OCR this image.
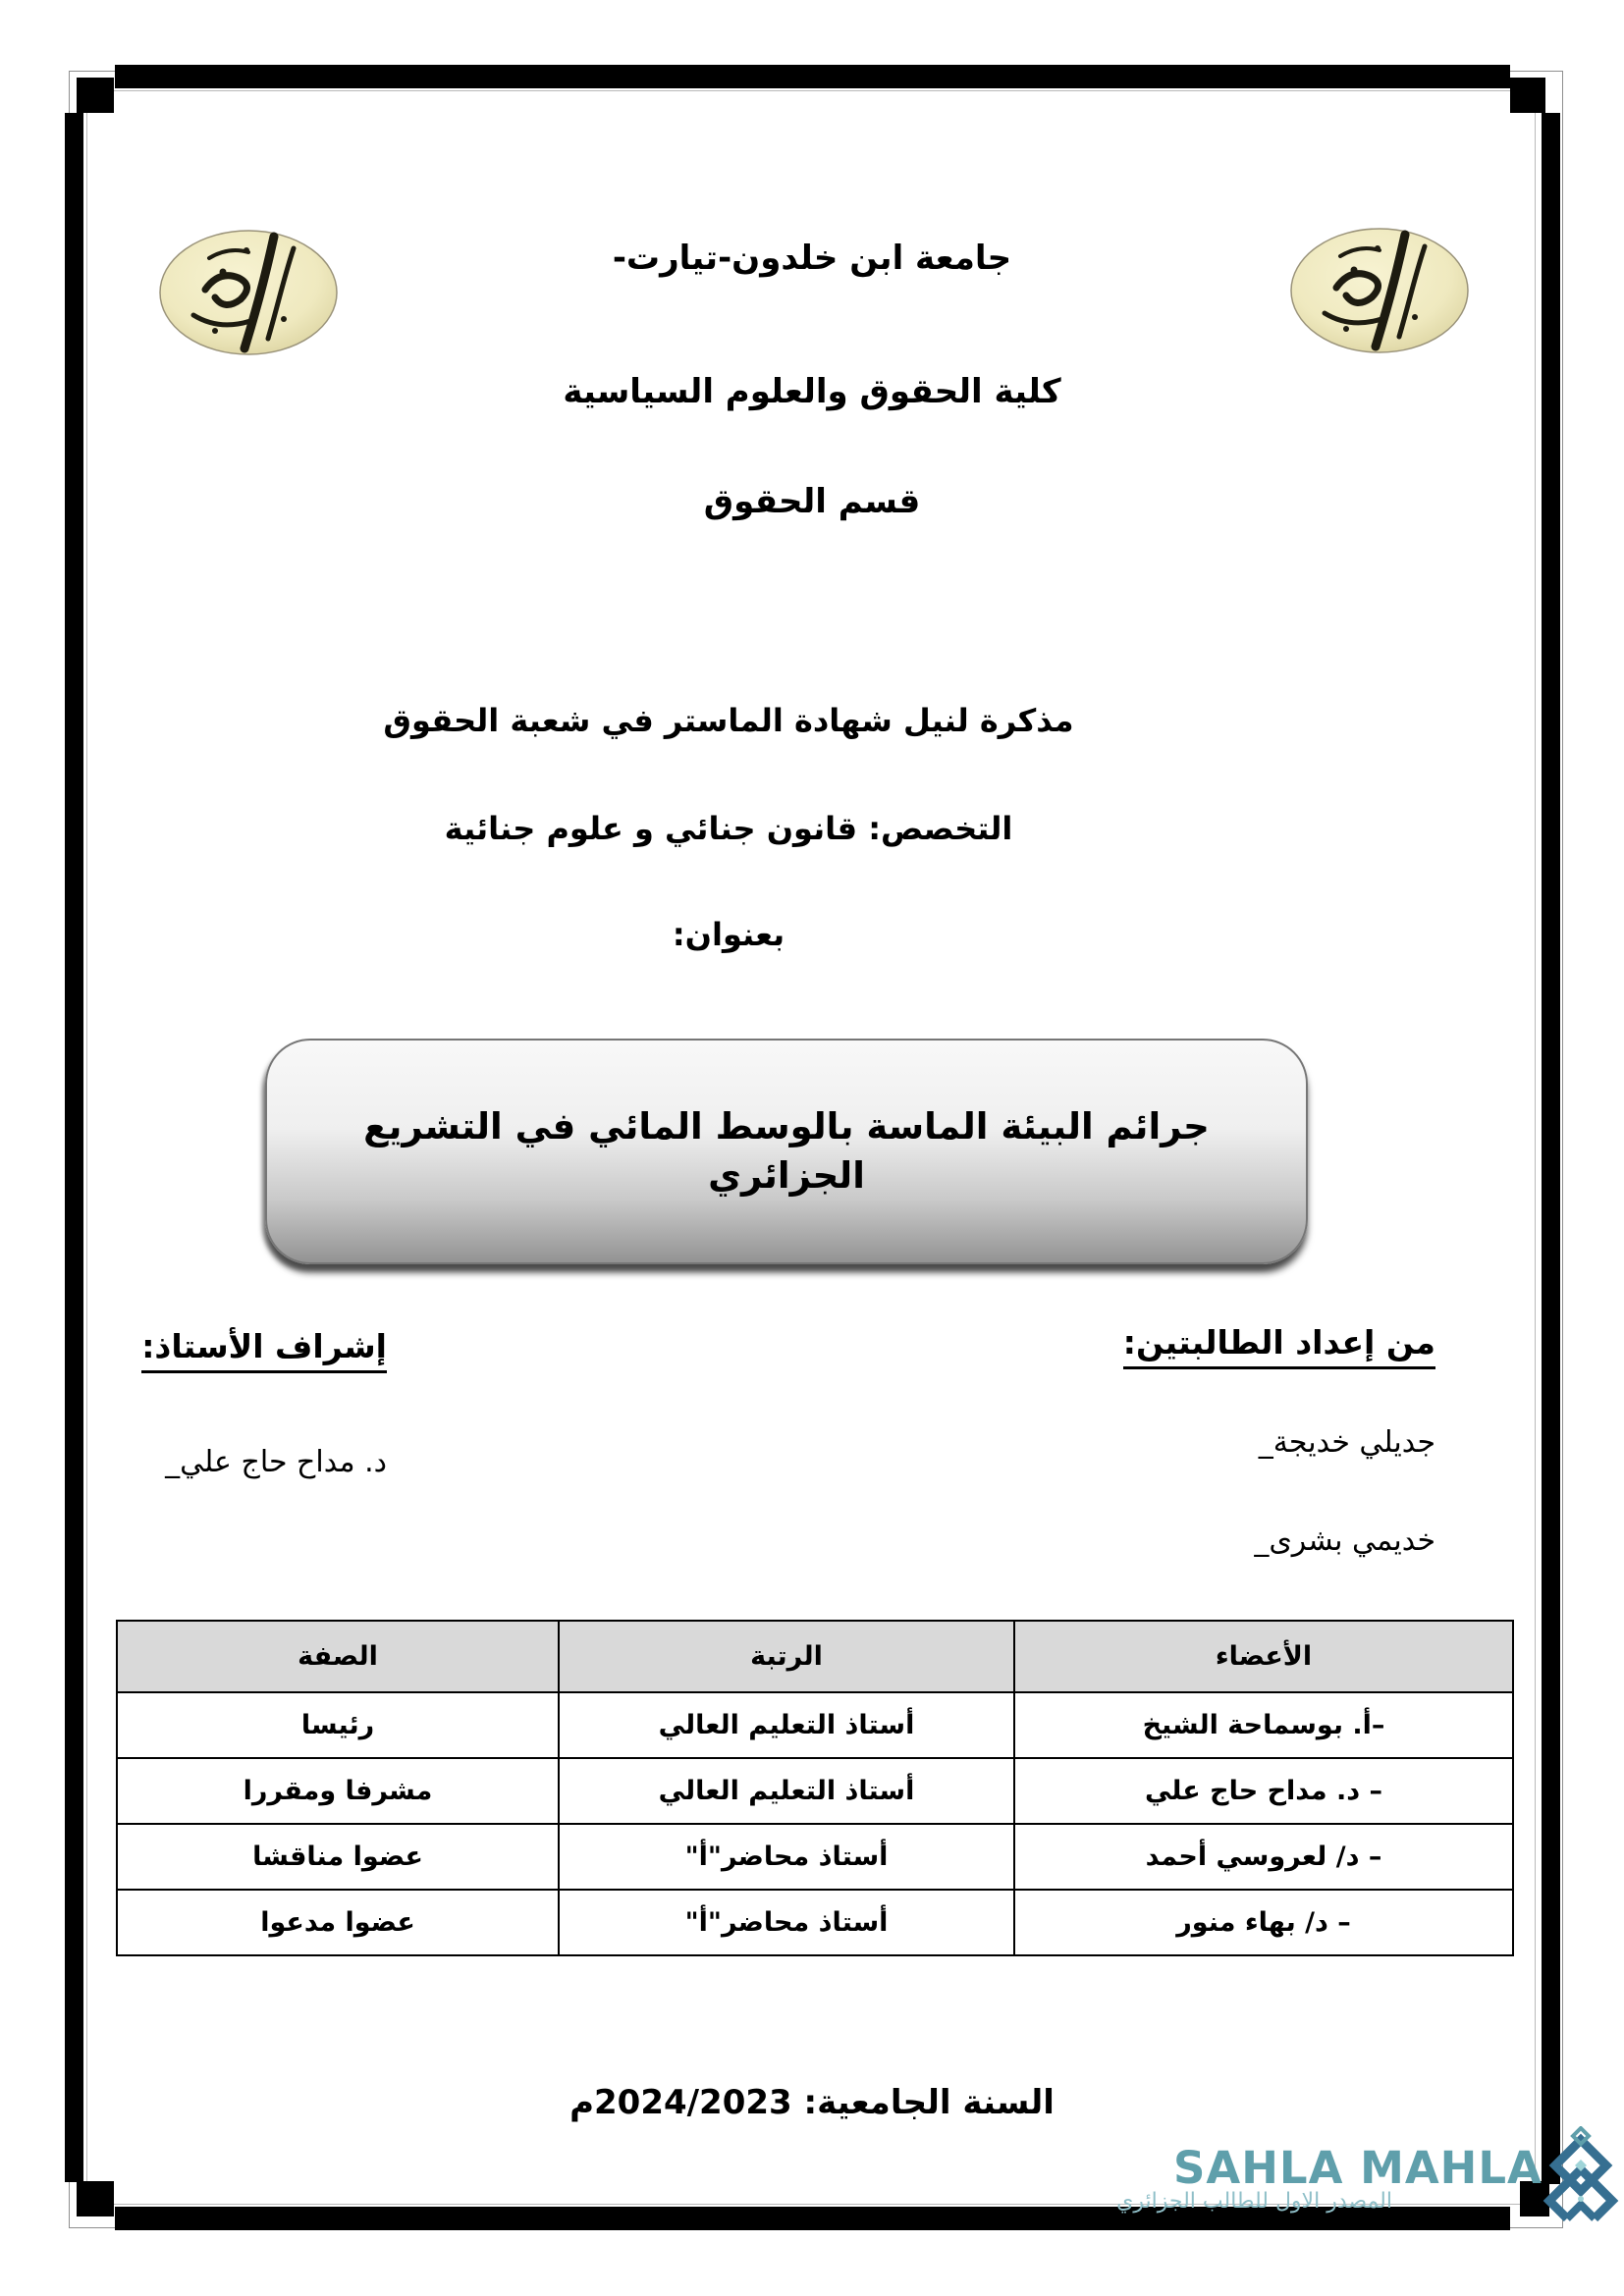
جامعة ابن خلدون-تيارت-
كلية الحقوق والعلوم السياسية
قسم الحقوق
مذكرة لنيل شهادة الماستر في شعبة الحقوق
التخصص: قانون جنائي و علوم جنائية
بعنوان:
جرائم البيئة الماسة بالوسط المائي في التشريع الجزائري
من إعداد الطالبتين:
جديلي خديجة_
خديمي بشرى_
إشراف الأستاذ:
د. مداح حاج علي_
الأعضاء	الرتبة	الصفة
–أ. بوسماحة الشيخ	أستاذ التعليم العالي	رئيسا
– د. مداح حاج علي	أستاذ التعليم العالي	مشرفا ومقررا
– د/ لعروسي أحمد	أستاذ محاضر"أ"	عضوا مناقشا
– د/ بهاء منور	أستاذ محاضر"أ"	عضوا مدعوا
السنة الجامعية: 2024/2023م
SAHLA MAHLA
المصدر الاول للطالب الجزائري
